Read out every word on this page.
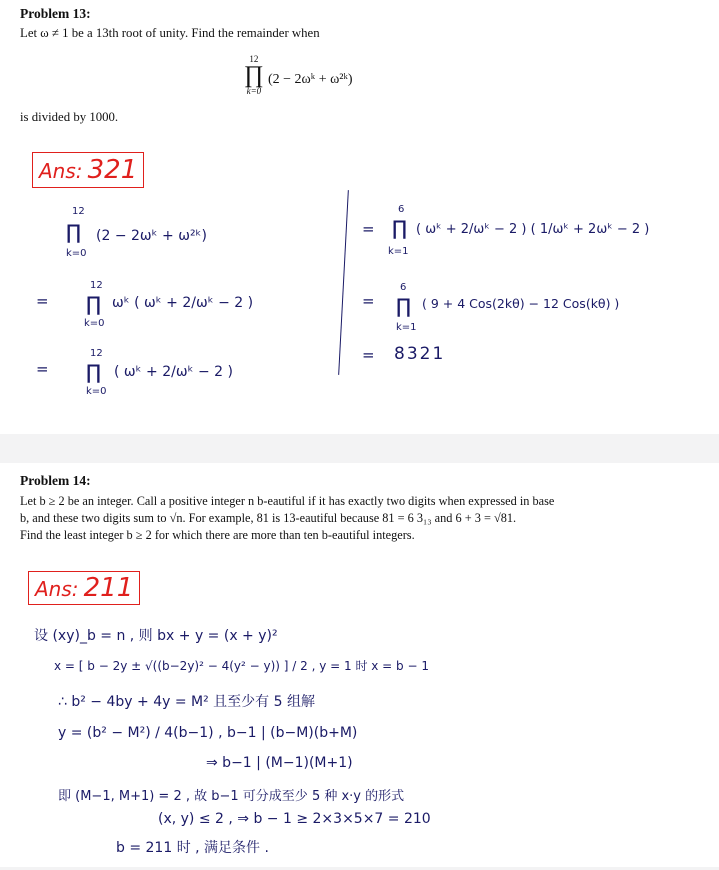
Problem 13:
Let ω ≠ 1 be a 13th root of unity. Find the remainder when
12
∏
k=0
(2 − 2ωᵏ + ω²ᵏ)
is divided by 1000.
Ans: 321
12
∏
k=0
(2 − 2ωᵏ + ω²ᵏ)
=
12
∏
k=0
ωᵏ ( ωᵏ + 2/ωᵏ − 2 )
=
12
∏
k=0
( ωᵏ + 2/ωᵏ − 2 )
=
6
∏
k=1
( ωᵏ + 2/ωᵏ − 2 ) ( 1/ωᵏ + 2ωᵏ − 2 )
=
6
∏
k=1
( 9 + 4 Cos(2kθ) − 12 Cos(kθ) )
= 8321
Problem 14:
Let b ≥ 2 be an integer. Call a positive integer n b-eautiful if it has exactly two digits when expressed in base
b, and these two digits sum to √n. For example, 81 is 13-eautiful because 81 = 6 3₁₃ and 6 + 3 = √81.
Find the least integer b ≥ 2 for which there are more than ten b-eautiful integers.
Ans: 211
设 (xy)_b = n , 则 bx + y = (x + y)²
x = [ b − 2y ± √((b−2y)² − 4(y² − y)) ] / 2 , y = 1 时 x = b − 1
∴ b² − 4by + 4y = M² 且至少有 5 组解
y = (b² − M²) / 4(b−1) , b−1 | (b−M)(b+M)
⇒ b−1 | (M−1)(M+1)
即 (M−1, M+1) = 2 , 故 b−1 可分成至少 5 种 x·y 的形式
(x, y) ≤ 2 , ⇒ b − 1 ≥ 2×3×5×7 = 210
b = 211 时 , 满足条件 .
